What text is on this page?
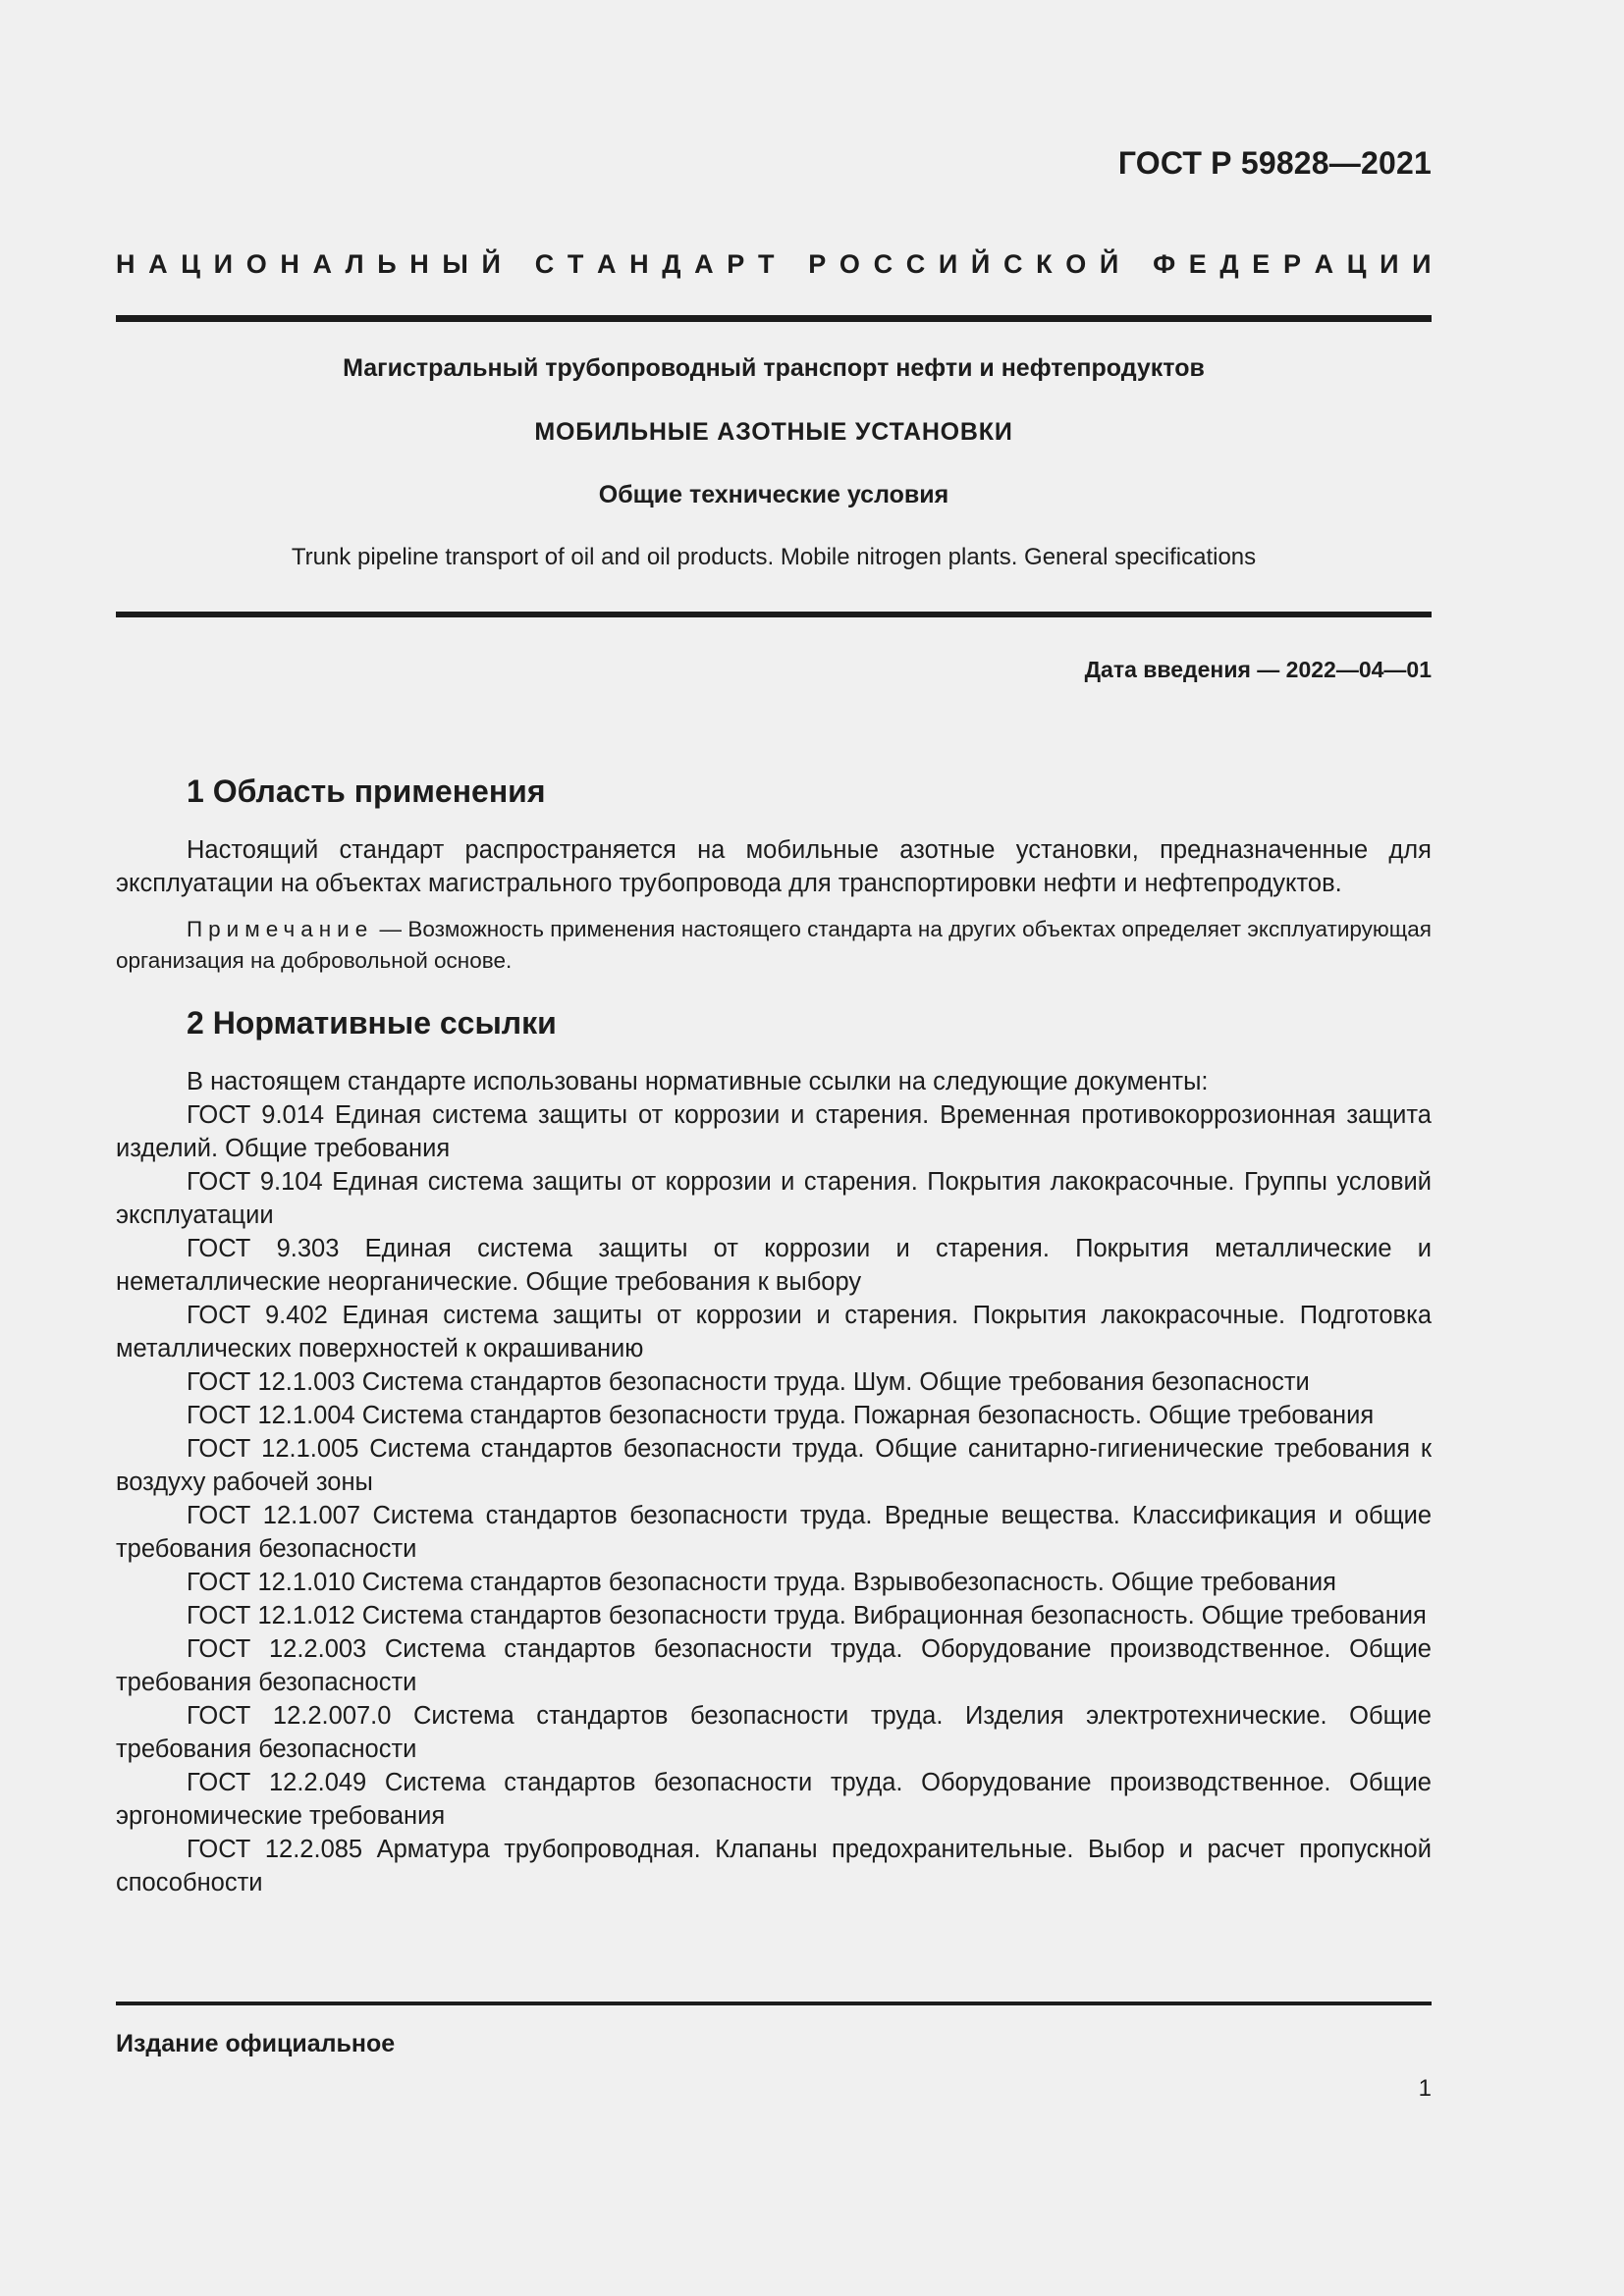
ГОСТ Р 59828—2021
Н А Ц И О Н А Л Ь Н Ы Й
С Т А Н Д А Р Т
Р О С С И Й С К О Й
Ф Е Д Е Р А Ц И И
Магистральный трубопроводный транспорт нефти и нефтепродуктов
МОБИЛЬНЫЕ АЗОТНЫЕ УСТАНОВКИ
Общие технические условия
Trunk pipeline transport of oil and oil products. Mobile nitrogen plants. General specifications
Дата введения — 2022—04—01
1 Область применения
Настоящий стандарт распространяется на мобильные азотные установки, предназначенные для эксплуатации на объектах магистрального трубопровода для транспортировки нефти и нефтепродуктов.
Примечание — Возможность применения настоящего стандарта на других объектах определяет эксплуатирующая организация на добровольной основе.
2 Нормативные ссылки
В настоящем стандарте использованы нормативные ссылки на следующие документы:
ГОСТ 9.014 Единая система защиты от коррозии и старения. Временная противокоррозионная защита изделий. Общие требования
ГОСТ 9.104 Единая система защиты от коррозии и старения. Покрытия лакокрасочные. Группы условий эксплуатации
ГОСТ 9.303 Единая система защиты от коррозии и старения. Покрытия металлические и неметаллические неорганические. Общие требования к выбору
ГОСТ 9.402 Единая система защиты от коррозии и старения. Покрытия лакокрасочные. Подготовка металлических поверхностей к окрашиванию
ГОСТ 12.1.003 Система стандартов безопасности труда. Шум. Общие требования безопасности
ГОСТ 12.1.004 Система стандартов безопасности труда. Пожарная безопасность. Общие требования
ГОСТ 12.1.005 Система стандартов безопасности труда. Общие санитарно-гигиенические требования к воздуху рабочей зоны
ГОСТ 12.1.007 Система стандартов безопасности труда. Вредные вещества. Классификация и общие требования безопасности
ГОСТ 12.1.010 Система стандартов безопасности труда. Взрывобезопасность. Общие требования
ГОСТ 12.1.012 Система стандартов безопасности труда. Вибрационная безопасность. Общие требования
ГОСТ 12.2.003 Система стандартов безопасности труда. Оборудование производственное. Общие требования безопасности
ГОСТ 12.2.007.0 Система стандартов безопасности труда. Изделия электротехнические. Общие требования безопасности
ГОСТ 12.2.049 Система стандартов безопасности труда. Оборудование производственное. Общие эргономические требования
ГОСТ 12.2.085 Арматура трубопроводная. Клапаны предохранительные. Выбор и расчет пропускной способности
Издание официальное
1
